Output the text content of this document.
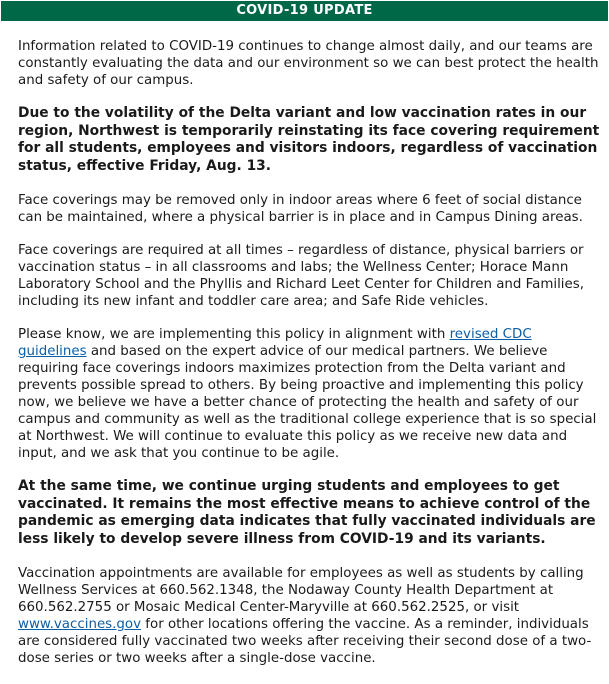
COVID-19 UPDATE

Information related to COVID-19 continues to change almost daily, and our teams are constantly evaluating the data and our environment so we can best protect the health and safety of our campus.

Due to the volatility of the Delta variant and low vaccination rates in our region, Northwest is temporarily reinstating its face covering requirement for all students, employees and visitors indoors, regardless of vaccination status, effective Friday, Aug. 13.

Face coverings may be removed only in indoor areas where 6 feet of social distance can be maintained, where a physical barrier is in place and in Campus Dining areas.

Face coverings are required at all times – regardless of distance, physical barriers or vaccination status – in all classrooms and labs; the Wellness Center; Horace Mann Laboratory School and the Phyllis and Richard Leet Center for Children and Families, including its new infant and toddler care area; and Safe Ride vehicles.

Please know, we are implementing this policy in alignment with revised CDC guidelines and based on the expert advice of our medical partners. We believe requiring face coverings indoors maximizes protection from the Delta variant and prevents possible spread to others. By being proactive and implementing this policy now, we believe we have a better chance of protecting the health and safety of our campus and community as well as the traditional college experience that is so special at Northwest. We will continue to evaluate this policy as we receive new data and input, and we ask that you continue to be agile.

At the same time, we continue urging students and employees to get vaccinated. It remains the most effective means to achieve control of the pandemic as emerging data indicates that fully vaccinated individuals are less likely to develop severe illness from COVID-19 and its variants.

Vaccination appointments are available for employees as well as students by calling Wellness Services at 660.562.1348, the Nodaway County Health Department at 660.562.2755 or Mosaic Medical Center-Maryville at 660.562.2525, or visit www.vaccines.gov for other locations offering the vaccine. As a reminder, individuals are considered fully vaccinated two weeks after receiving their second dose of a two-dose series or two weeks after a single-dose vaccine.
